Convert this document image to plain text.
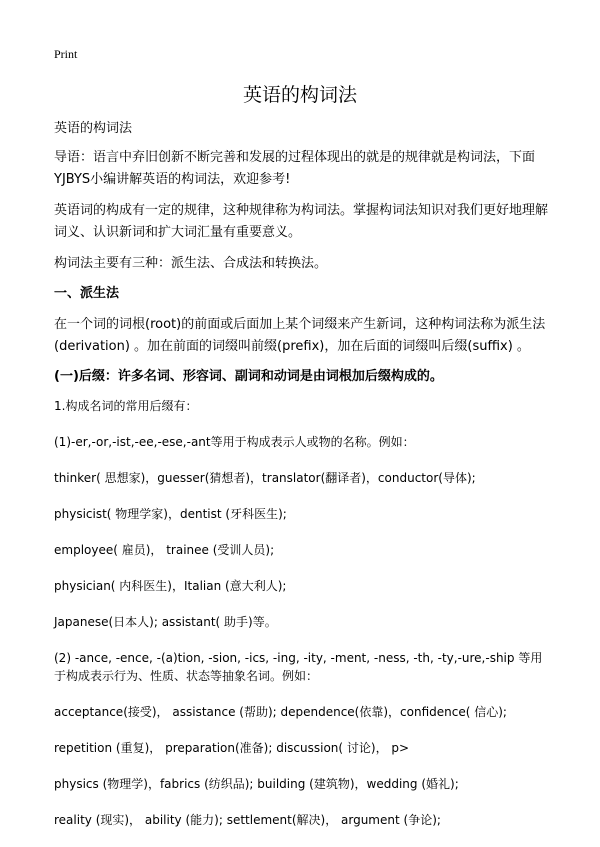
Print
英语的构词法

英语的构词法

导语：语言中弃旧创新不断完善和发展的过程体现出的就是的规律就是构词法，下面YJBYS小编讲解英语的构词法，欢迎参考!

英语词的构成有一定的规律，这种规律称为构词法。掌握构词法知识对我们更好地理解词义、认识新词和扩大词汇量有重要意义。

构词法主要有三种：派生法、合成法和转换法。

一、派生法

在一个词的词根(root)的前面或后面加上某个词缀来产生新词，这种构词法称为派生法(derivation) 。加在前面的词缀叫前缀(prefix)，加在后面的词缀叫后缀(suffix) 。

(一)后缀：许多名词、形容词、副词和动词是由词根加后缀构成的。

1.构成名词的常用后缀有：

(1)-er,-or,-ist,-ee,-ese,-ant等用于构成表示人或物的名称。例如：

thinker( 思想家)，guesser(猜想者)，translator(翻译者)，conductor(导体);

physicist( 物理学家)，dentist (牙科医生);

employee( 雇员)， trainee (受训人员);

physician( 内科医生)，Italian (意大利人);

Japanese(日本人); assistant( 助手)等。

(2) -ance, -ence, -(a)tion, -sion, -ics, -ing, -ity, -ment, -ness, -th, -ty,-ure,-ship 等用于构成表示行为、性质、状态等抽象名词。例如：

acceptance(接受)， assistance (帮助); dependence(依靠)，confidence( 信心);

repetition (重复)， preparation(准备); discussion( 讨论)， p>

physics (物理学)，fabrics (纺织品); building (建筑物)，wedding (婚礼);

reality (现实)， ability (能力); settlement(解决)， argument (争论);
